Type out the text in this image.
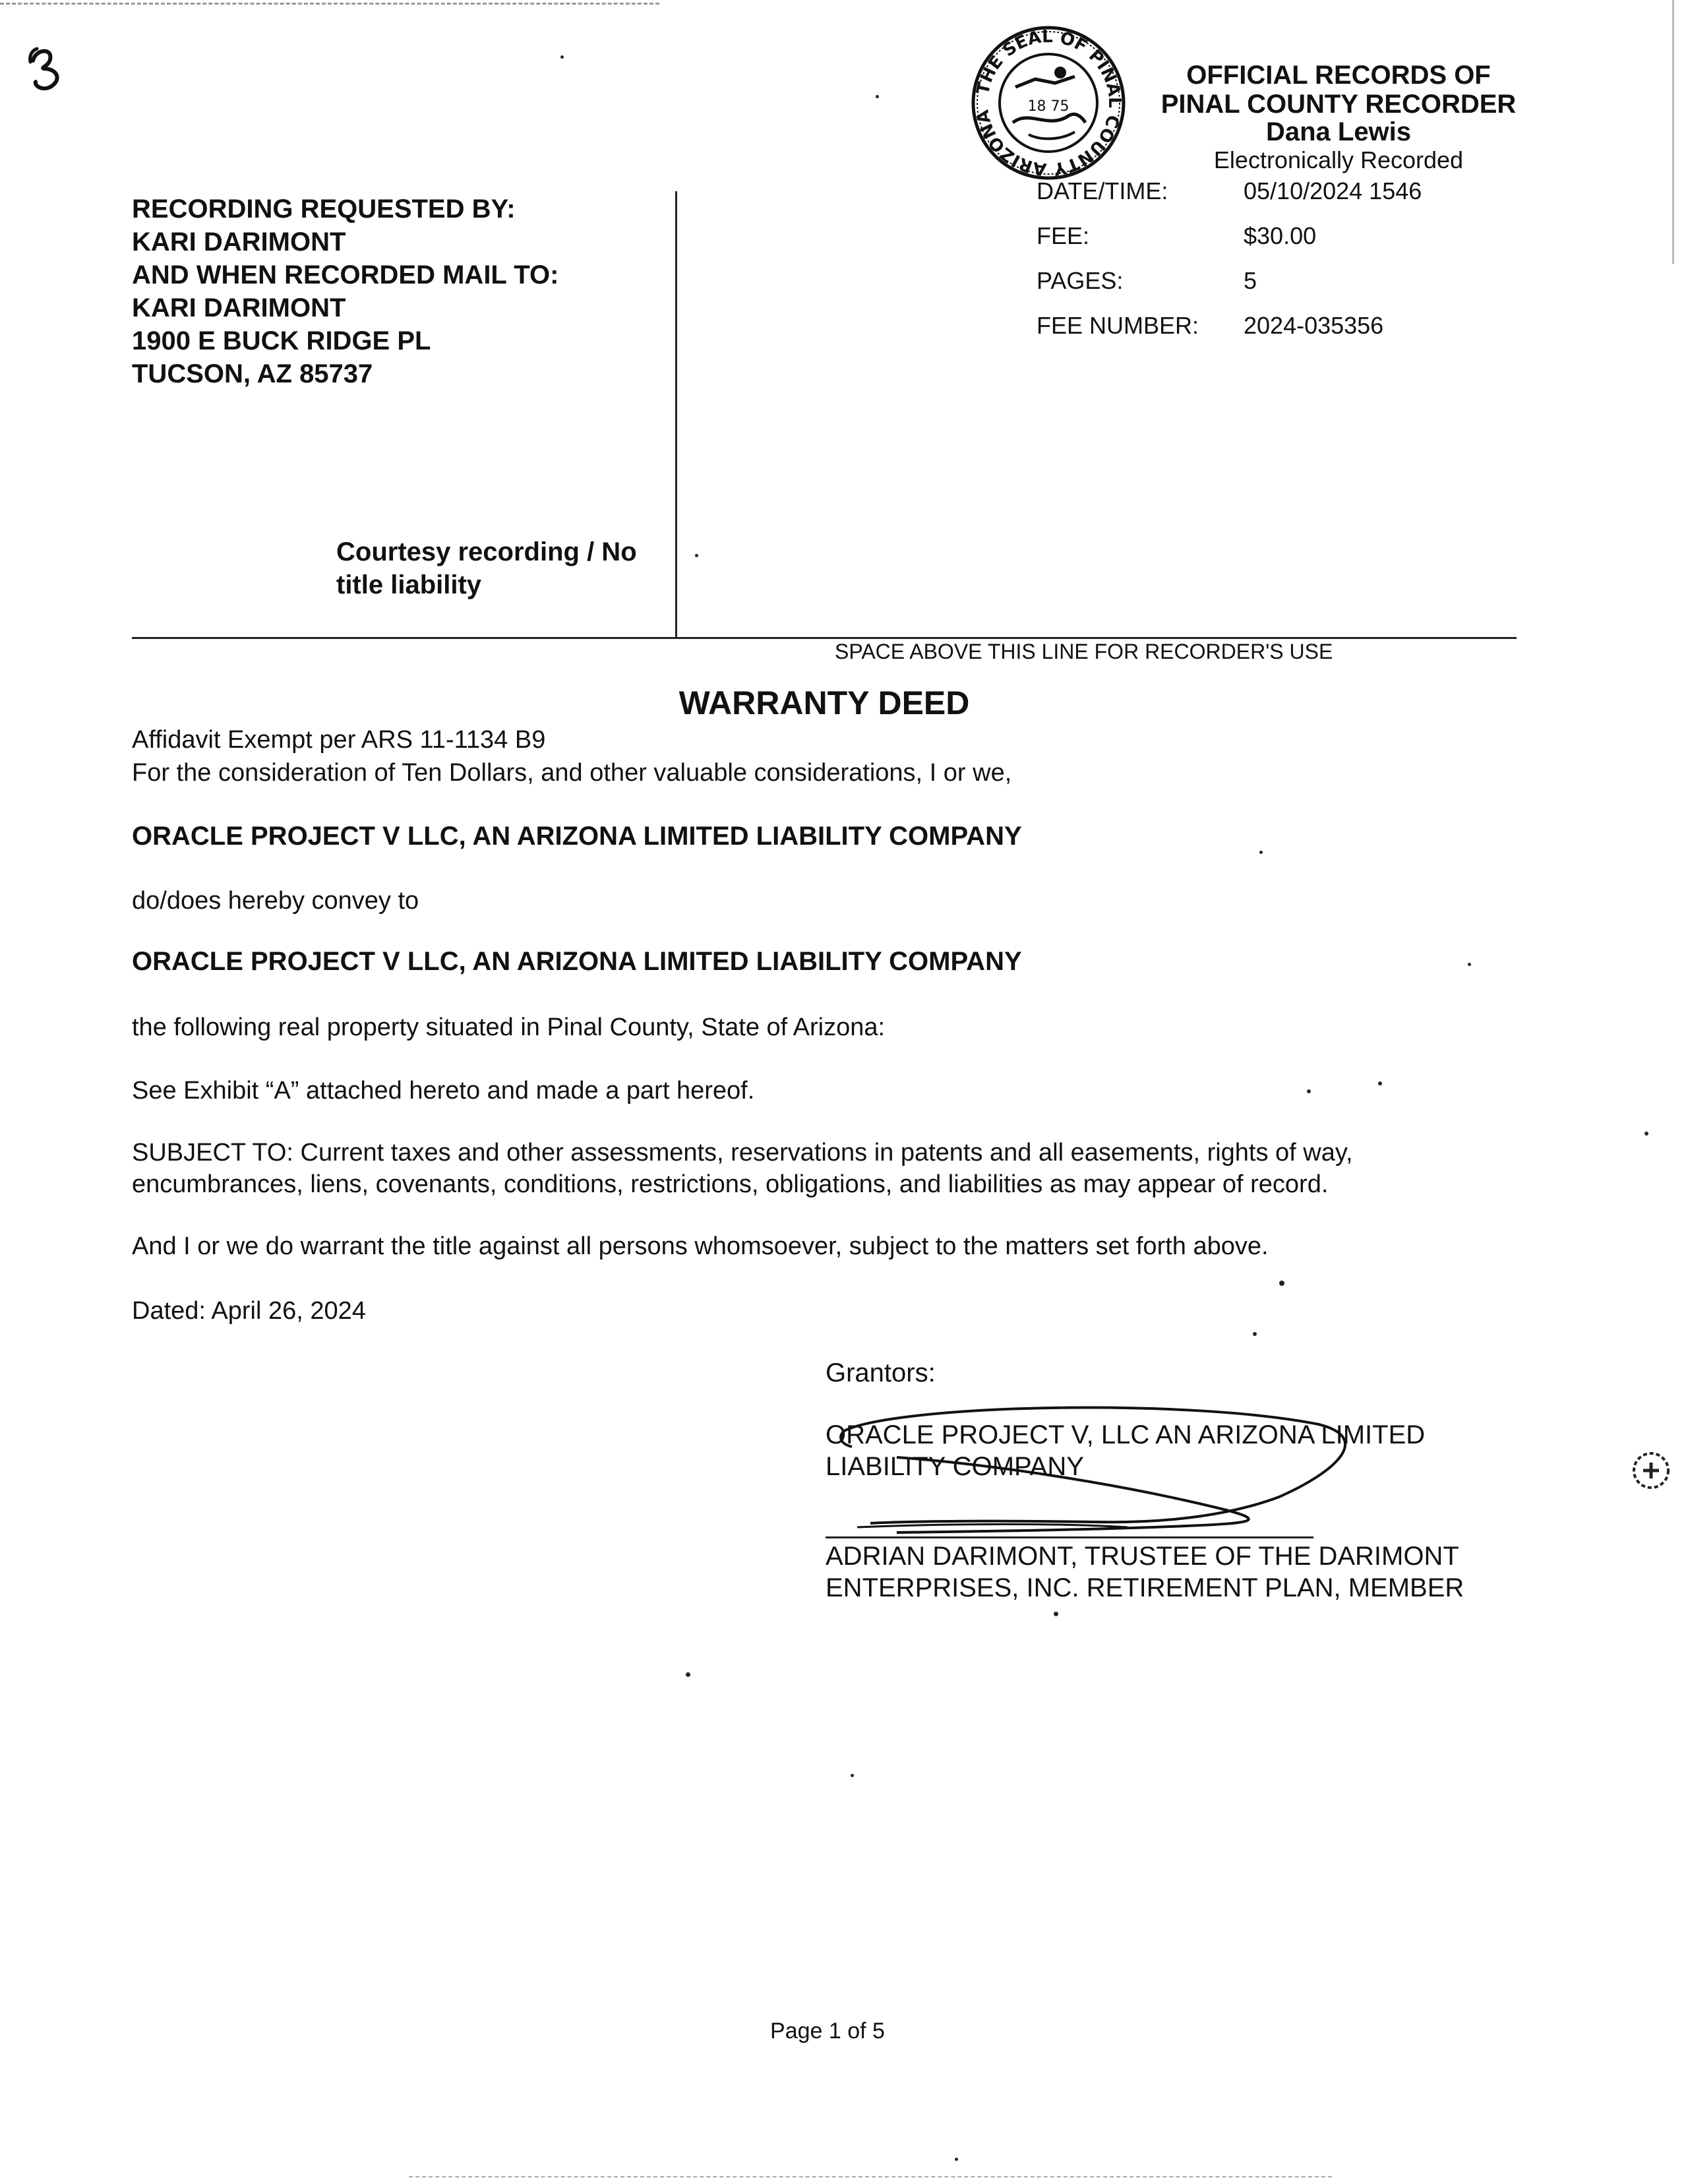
THE SEAL OF PINAL COUNTY ARIZONA
18 75

OFFICIAL RECORDS OF

PINAL COUNTY RECORDER

Dana Lewis

Electronically Recorded

DATE/TIME:	05/10/2024 1546
FEE:	$30.00
PAGES:	5
FEE NUMBER: 2024-035356
RECORDING REQUESTED BY:
KARI DARIMONT
AND WHEN RECORDED MAIL TO:
KARI DARIMONT
1900 E BUCK RIDGE PL
TUCSON, AZ 85737
Courtesy recording / No
title liability
SPACE ABOVE THIS LINE FOR RECORDER'S USE
WARRANTY DEED
Affidavit Exempt per ARS 11-1134 B9
For the consideration of Ten Dollars, and other valuable considerations, I or we,
ORACLE PROJECT V LLC, AN ARIZONA LIMITED LIABILITY COMPANY
do/does hereby convey to
ORACLE PROJECT V LLC, AN ARIZONA LIMITED LIABILITY COMPANY
the following real property situated in Pinal County, State of Arizona:
See Exhibit “A” attached hereto and made a part hereof.
SUBJECT TO: Current taxes and other assessments, reservations in patents and all easements, rights of way,
encumbrances, liens, covenants, conditions, restrictions, obligations, and liabilities as may appear of record.
And I or we do warrant the title against all persons whomsoever, subject to the matters set forth above.
Dated: April 26, 2024
Grantors:
ORACLE PROJECT V, LLC AN ARIZONA LIMITED
LIABILITY COMPANY
ADRIAN DARIMONT, TRUSTEE OF THE DARIMONT
ENTERPRISES, INC. RETIREMENT PLAN, MEMBER
Page 1 of 5
